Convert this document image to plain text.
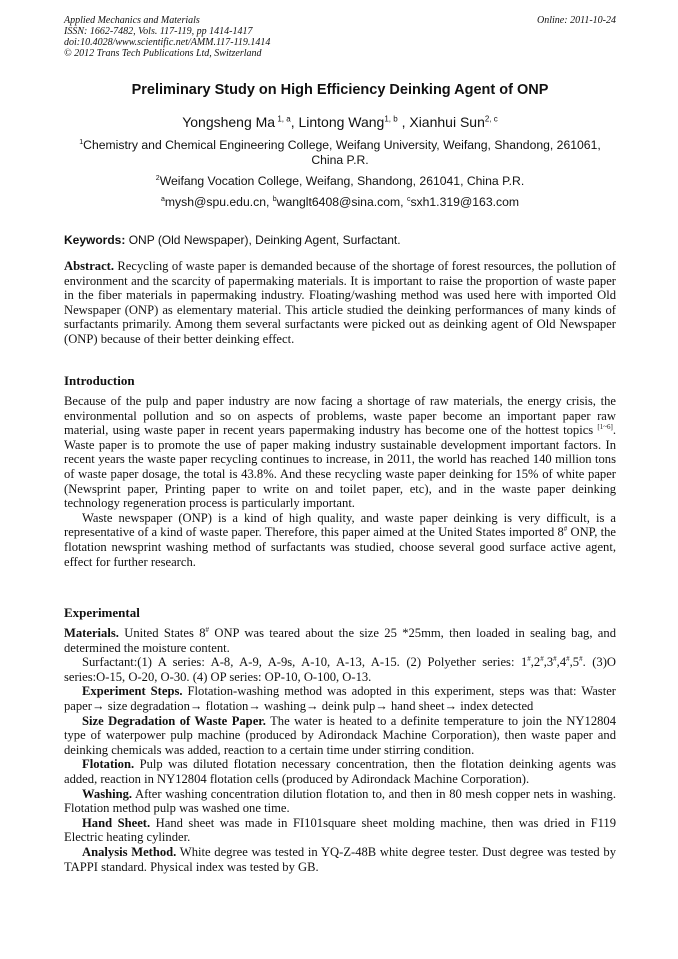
Applied Mechanics and Materials
ISSN: 1662-7482, Vols. 117-119, pp 1414-1417
doi:10.4028/www.scientific.net/AMM.117-119.1414
© 2012 Trans Tech Publications Ltd, Switzerland
Online: 2011-10-24
Preliminary Study on High Efficiency Deinking Agent of ONP
Yongsheng Ma $^{1, a}$, Lintong Wang$^{1, b}$ , Xianhui Sun$^{2, c}$
$^1$Chemistry and Chemical Engineering College, Weifang University, Weifang, Shandong, 261061,
China P.R.
$^2$Weifang Vocation College, Weifang, Shandong, 261041, China P.R.
$^a$mysh@spu.edu.cn, $^b$wanglt6408@sina.com, $^c$sxh1.319@163.com
Keywords: ONP (Old Newspaper), Deinking Agent, Surfactant.
Abstract. Recycling of waste paper is demanded because of the shortage of forest resources, the pollution of environment and the scarcity of papermaking materials. It is important to raise the proportion of waste paper in the fiber materials in papermaking industry. Floating/washing method was used here with imported Old Newspaper (ONP) as elementary material. This article studied the deinking performances of many kinds of surfactants primarily. Among them several surfactants were picked out as deinking agent of Old Newspaper (ONP) because of their better deinking effect.
Introduction
Because of the pulp and paper industry are now facing a shortage of raw materials, the energy crisis, the environmental pollution and so on aspects of problems, waste paper become an important paper raw material, using waste paper in recent years papermaking industry has become one of the hottest topics [1~6]. Waste paper is to promote the use of paper making industry sustainable development important factors. In recent years the waste paper recycling continues to increase, in 2011, the world has reached 140 million tons of waste paper dosage, the total is 43.8%. And these recycling waste paper deinking for 15% of white paper (Newsprint paper, Printing paper to write on and toilet paper, etc), and in the waste paper deinking technology regeneration process is particularly important.
Waste newspaper (ONP) is a kind of high quality, and waste paper deinking is very difficult, is a representative of a kind of waste paper. Therefore, this paper aimed at the United States imported 8# ONP, the flotation newsprint washing method of surfactants was studied, choose several good surface active agent, effect for further research.
Experimental
Materials. United States 8# ONP was teared about the size 25 *25mm, then loaded in sealing bag, and determined the moisture content.
Surfactant:(1) A series: A-8, A-9, A-9s, A-10, A-13, A-15. (2) Polyether series: 1#,2#,3#,4#,5#. (3)O series:O-15, O-20, O-30. (4) OP series: OP-10, O-100, O-13.
Experiment Steps. Flotation-washing method was adopted in this experiment, steps was that: Waster paper→ size degradation→ flotation→ washing→ deink pulp→ hand sheet→ index detected
Size Degradation of Waste Paper. The water is heated to a definite temperature to join the NY12804 type of waterpower pulp machine (produced by Adirondack Machine Corporation), then waste paper and deinking chemicals was added, reaction to a certain time under stirring condition.
Flotation. Pulp was diluted flotation necessary concentration, then the flotation deinking agents was added, reaction in NY12804 flotation cells (produced by Adirondack Machine Corporation).
Washing. After washing concentration dilution flotation to, and then in 80 mesh copper nets in washing. Flotation method pulp was washed one time.
Hand Sheet. Hand sheet was made in FI101square sheet molding machine, then was dried in F119 Electric heating cylinder.
Analysis Method. White degree was tested in YQ-Z-48B white degree tester. Dust degree was tested by TAPPI standard. Physical index was tested by GB.
